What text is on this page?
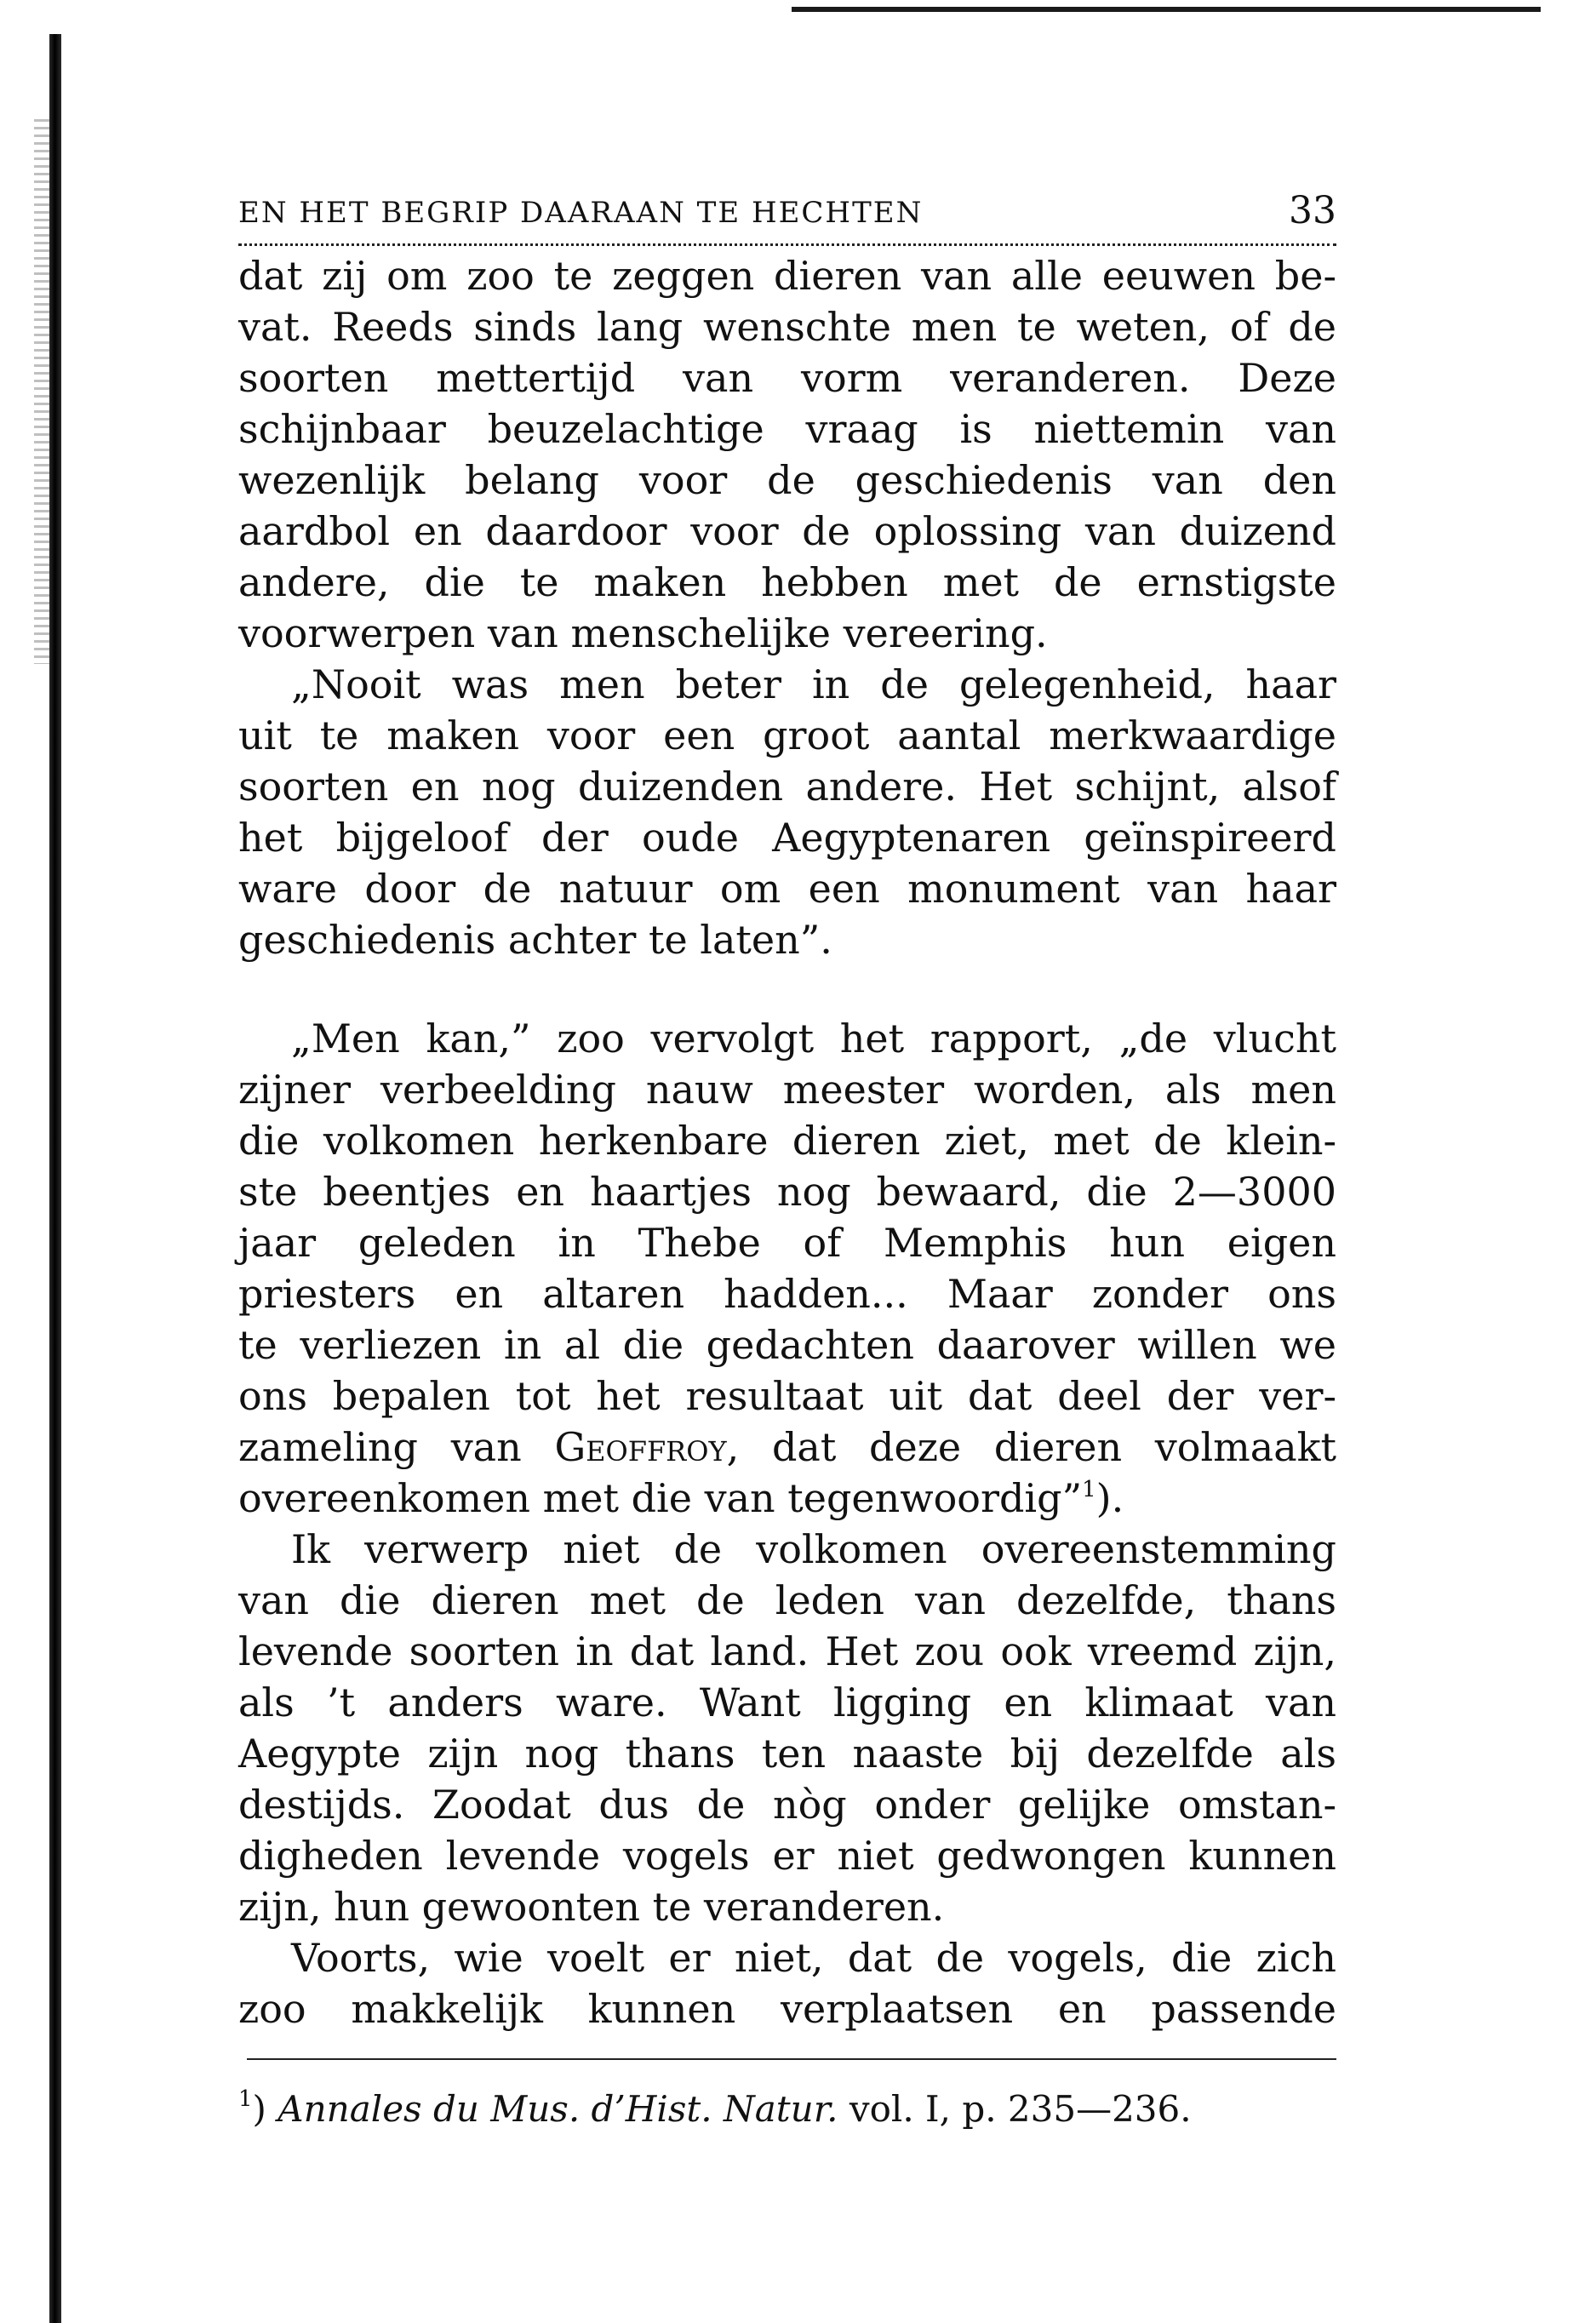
EN HET BEGRIP DAARAAN TE HECHTEN	33
dat zij om zoo te zeggen dieren van alle eeuwen be-
vat. Reeds sinds lang wenschte men te weten, of de
soorten mettertijd van vorm veranderen. Deze
schijnbaar beuzelachtige vraag is niettemin van
wezenlijk belang voor de geschiedenis van den
aardbol en daardoor voor de oplossing van duizend
andere, die te maken hebben met de ernstigste
voorwerpen van menschelijke vereering.
„Nooit was men beter in de gelegenheid, haar
uit te maken voor een groot aantal merkwaardige
soorten en nog duizenden andere. Het schijnt, alsof
het bijgeloof der oude Aegyptenaren geïnspireerd
ware door de natuur om een monument van haar
geschiedenis achter te laten”.
„Men kan,” zoo vervolgt het rapport, „de vlucht
zijner verbeelding nauw meester worden, als men
die volkomen herkenbare dieren ziet, met de klein-
ste beentjes en haartjes nog bewaard, die 2—3000
jaar geleden in Thebe of Memphis hun eigen
priesters en altaren hadden... Maar zonder ons
te verliezen in al die gedachten daarover willen we
ons bepalen tot het resultaat uit dat deel der ver-
zameling van Geoffroy, dat deze dieren volmaakt
overeenkomen met die van tegenwoordig”$^1$).
Ik verwerp niet de volkomen overeenstemming
van die dieren met de leden van dezelfde, thans
levende soorten in dat land. Het zou ook vreemd zijn,
als ’t anders ware. Want ligging en klimaat van
Aegypte zijn nog thans ten naaste bij dezelfde als
destijds. Zoodat dus de nòg onder gelijke omstan-
digheden levende vogels er niet gedwongen kunnen
zijn, hun gewoonten te veranderen.
Voorts, wie voelt er niet, dat de vogels, die zich
zoo makkelijk kunnen verplaatsen en passende
$^1$) Annales du Mus. d’Hist. Natur. vol. I, p. 235—236.
